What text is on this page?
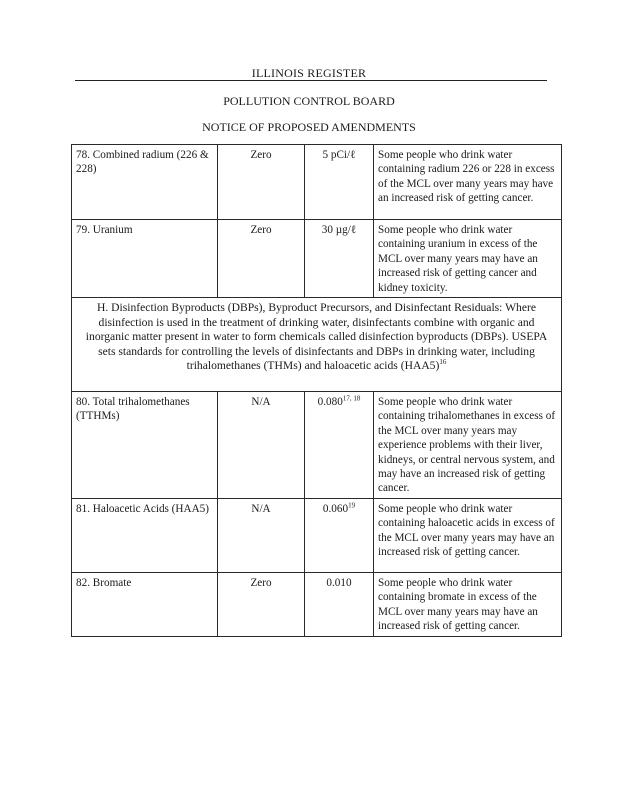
ILLINOIS REGISTER
POLLUTION CONTROL BOARD
NOTICE OF PROPOSED AMENDMENTS
78. Combined radium (226 & 228)	Zero	5 pCi/ℓ	Some people who drink water containing radium 226 or 228 in excess of the MCL over many years may have an increased risk of getting cancer.
79. Uranium	Zero	30 µg/ℓ	Some people who drink water containing uranium in excess of the MCL over many years may have an increased risk of getting cancer and kidney toxicity.
H. Disinfection Byproducts (DBPs), Byproduct Precursors, and Disinfectant Residuals: Where disinfection is used in the treatment of drinking water, disinfectants combine with organic and inorganic matter present in water to form chemicals called disinfection byproducts (DBPs). USEPA sets standards for controlling the levels of disinfectants and DBPs in drinking water, including trihalomethanes (THMs) and haloacetic acids $(HAA5)^{16}$
80. Total trihalomethanes (TTHMs)	N/A	0.080$^{17, 18}$	Some people who drink water containing trihalomethanes in excess of the MCL over many years may experience problems with their liver, kidneys, or central nervous system, and may have an increased risk of getting cancer.
81. Haloacetic Acids (HAA5)	N/A	0.060$^{19}$	Some people who drink water containing haloacetic acids in excess of the MCL over many years may have an increased risk of getting cancer.
82. Bromate	Zero	0.010	Some people who drink water containing bromate in excess of the MCL over many years may have an increased risk of getting cancer.
